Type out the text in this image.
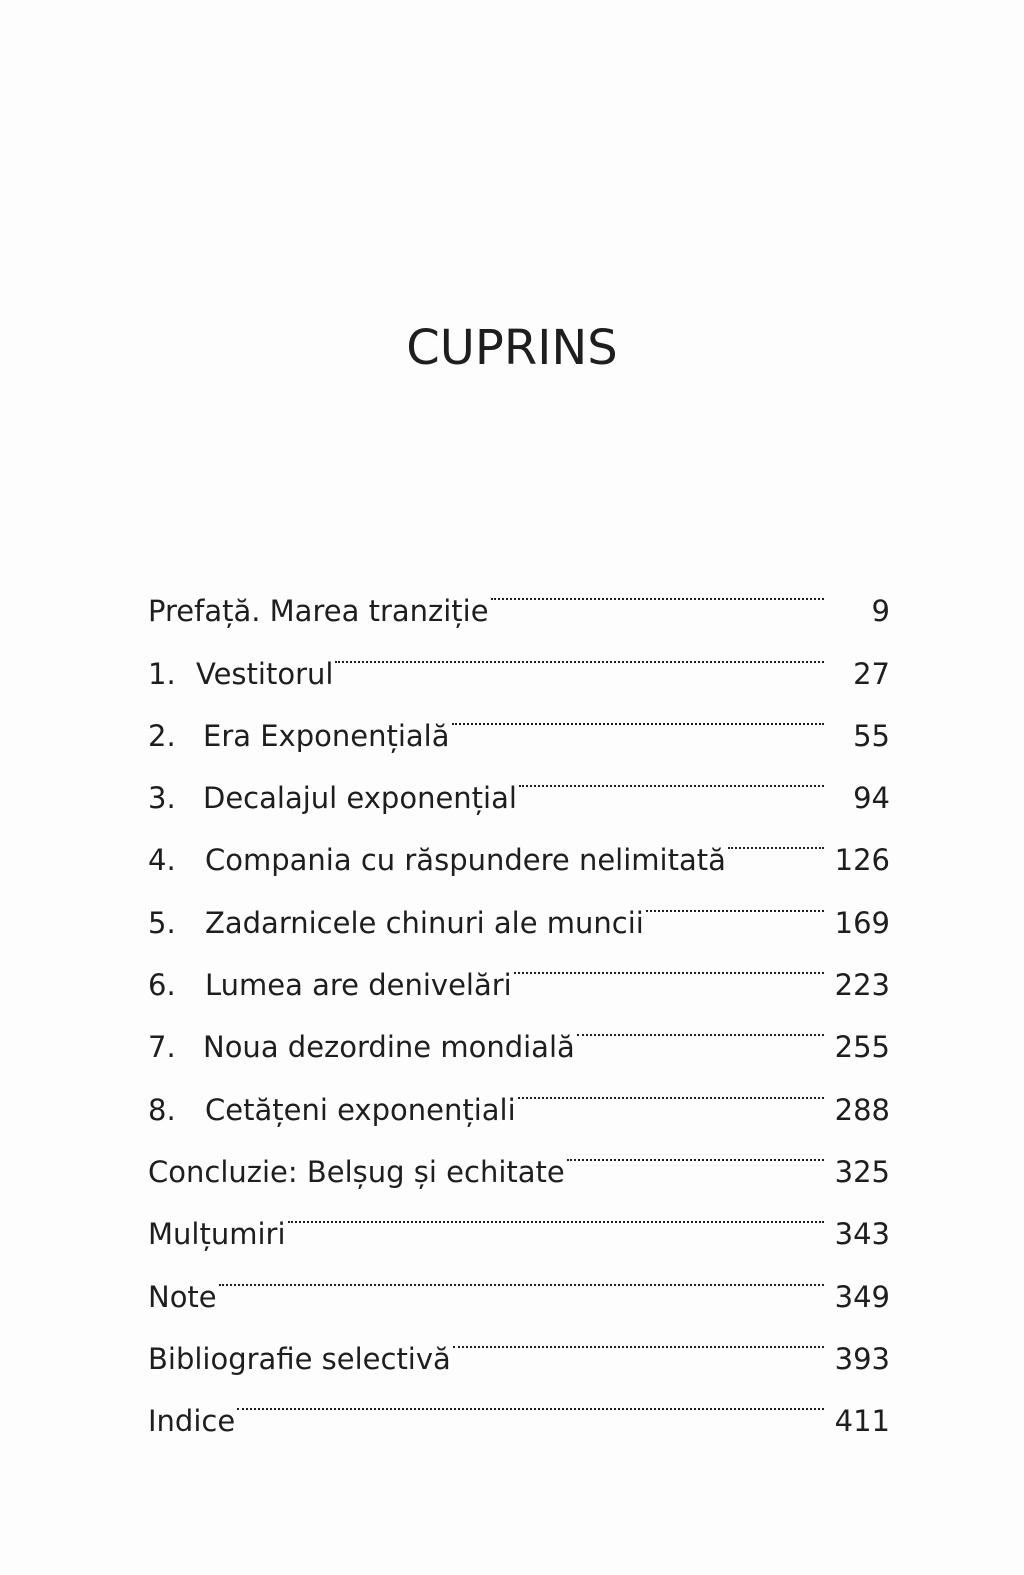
CUPRINS
Prefață. Marea tranziție	9
1. Vestitorul	27
2. Era Exponențială	55
3. Decalajul exponențial	94
4.	Compania cu răspundere nelimitată	126
5.	Zadarnicele chinuri ale muncii	169
6.	Lumea are denivelări	223
7. Noua dezordine mondială	255
8.	Cetățeni exponențiali	288
Concluzie: Belșug și echitate	325
Mulțumiri	343
Note	349
Bibliografie selectivă	393
Indice	411
